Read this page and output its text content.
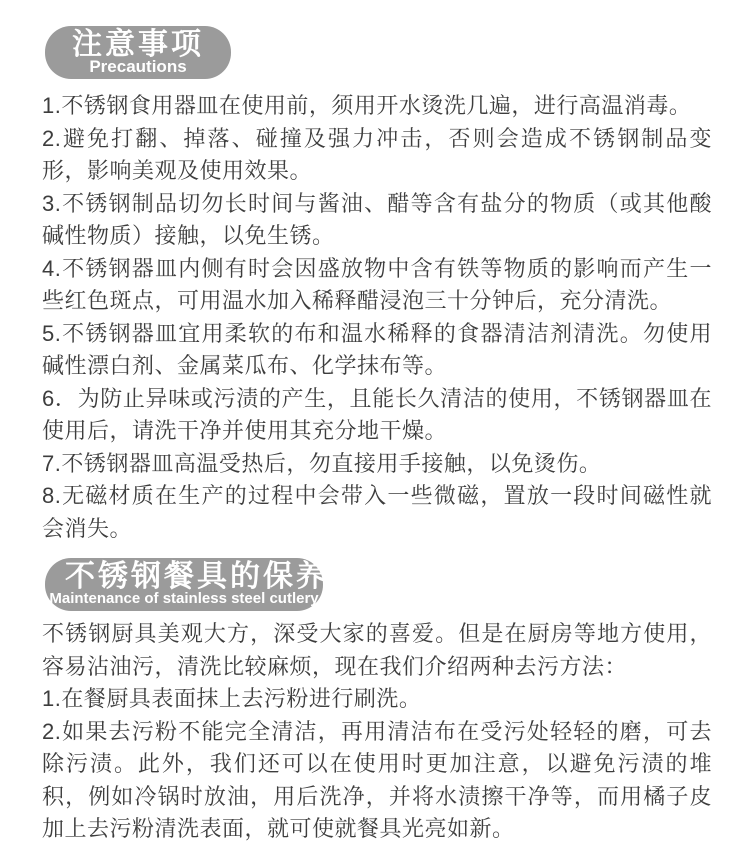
注意事项
Precautions

1.不锈钢食用器皿在使用前，须用开水烫洗几遍，进行高温消毒。

2.避免打翻、掉落、碰撞及强力冲击，否则会造成不锈钢制品变形，影响美观及使用效果。

3.不锈钢制品切勿长时间与酱油、醋等含有盐分的物质（或其他酸碱性物质）接触，以免生锈。

4.不锈钢器皿内侧有时会因盛放物中含有铁等物质的影响而产生一些红色斑点，可用温水加入稀释醋浸泡三十分钟后，充分清洗。

5.不锈钢器皿宜用柔软的布和温水稀释的食器清洁剂清洗。勿使用碱性漂白剂、金属菜瓜布、化学抹布等。

6．为防止异味或污渍的产生，且能长久清洁的使用，不锈钢器皿在使用后，请洗干净并使用其充分地干燥。

7.不锈钢器皿高温受热后，勿直接用手接触，以免烫伤。

8.无磁材质在生产的过程中会带入一些微磁，置放一段时间磁性就会消失。

不锈钢餐具的保养
Maintenance of stainless steel cutlery

不锈钢厨具美观大方，深受大家的喜爱。但是在厨房等地方使用，容易沾油污，清洗比较麻烦，现在我们介绍两种去污方法：

1.在餐厨具表面抹上去污粉进行刷洗。

2.如果去污粉不能完全清洁，再用清洁布在受污处轻轻的磨，可去除污渍。此外，我们还可以在使用时更加注意，以避免污渍的堆积，例如冷锅时放油，用后洗净，并将水渍擦干净等，而用橘子皮加上去污粉清洗表面，就可使就餐具光亮如新。
